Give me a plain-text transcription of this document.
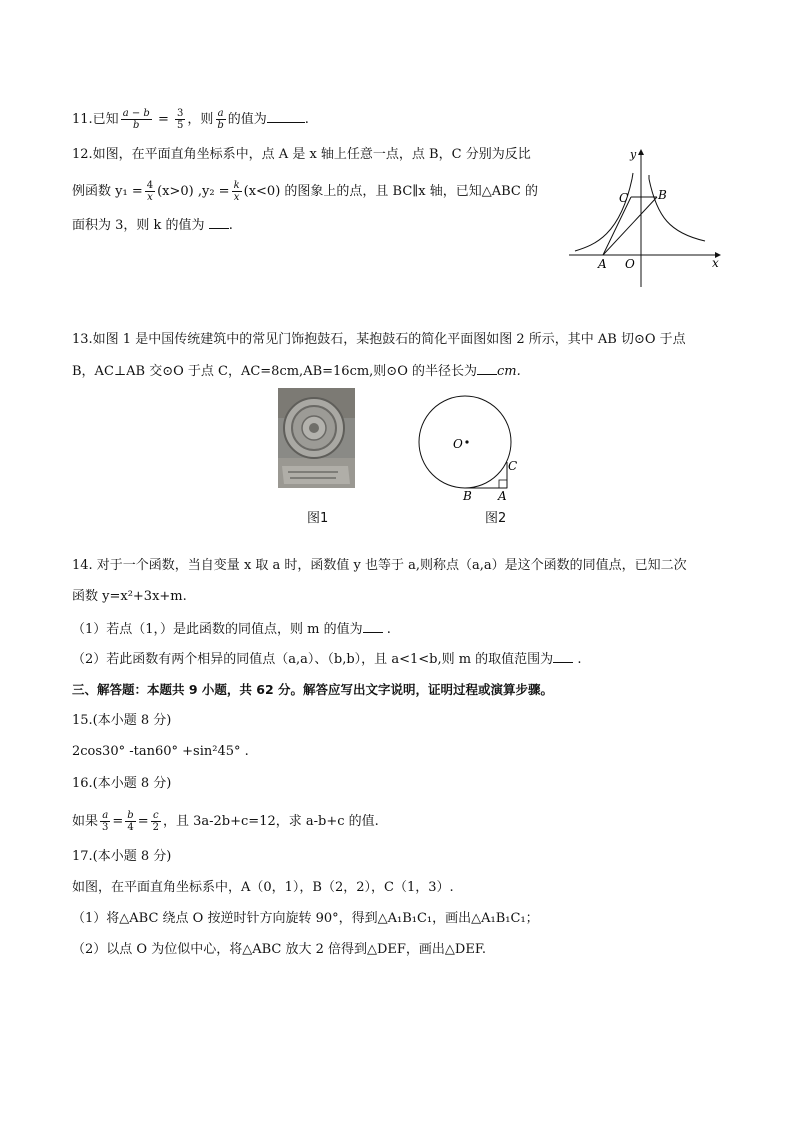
11.已知 $\frac{a - b}{b} = \frac{3}{5}$ ，则 $\frac{a}{b}$ 的值为	.
12.如图，在平面直角坐标系中，点 A 是 x 轴上任意一点，点 B，C 分别为反比
例函数 $y_1 = \frac{4}{x} (x>0) ,y_2 = \frac{k}{x} (x<0)$ 的图象上的点，且 BC∥x 轴，已知△ABC 的
面积为 3，则 k 的值为 .
y
x
A O
B
C
13.如图 1 是中国传统建筑中的常见门饰抱鼓石，某抱鼓石的简化平面图如图 2 所示，其中 AB 切⊙O 于点
B，AC⊥AB 交⊙O 于点 C，AC=8cm,AB=16cm,则⊙O 的半径长为 cm.
O
C
B A
图1	图2
14. 对于一个函数，当自变量 x 取 a 时，函数值 y 也等于 a,则称点（a,a）是这个函数的同值点，已知二次
函数 y=x²+3x+m.
（1）若点（1，）是此函数的同值点，则 m 的值为 .
（2）若此函数有两个相异的同值点（a,a）、（b,b），且 a<1<b,则 m 的取值范围为 .
三、解答题：本题共 9 小题，共 62 分。解答应写出文字说明，证明过程或演算步骤。
15.(本小题 8 分)
2cos30° -tan60° +sin²45° .
16.(本小题 8 分)
如果 $\frac{a}{3} = \frac{b}{4} = \frac{c}{2}$ ，且 3a-2b+c=12，求 a-b+c 的值.
17.(本小题 8 分)
如图，在平面直角坐标系中，A（0，1），B（2，2），C（1，3）.
（1）将△ABC 绕点 O 按逆时针方向旋转 90°，得到△A₁B₁C₁，画出△A₁B₁C₁；
（2）以点 O 为位似中心，将△ABC 放大 2 倍得到△DEF，画出△DEF.
